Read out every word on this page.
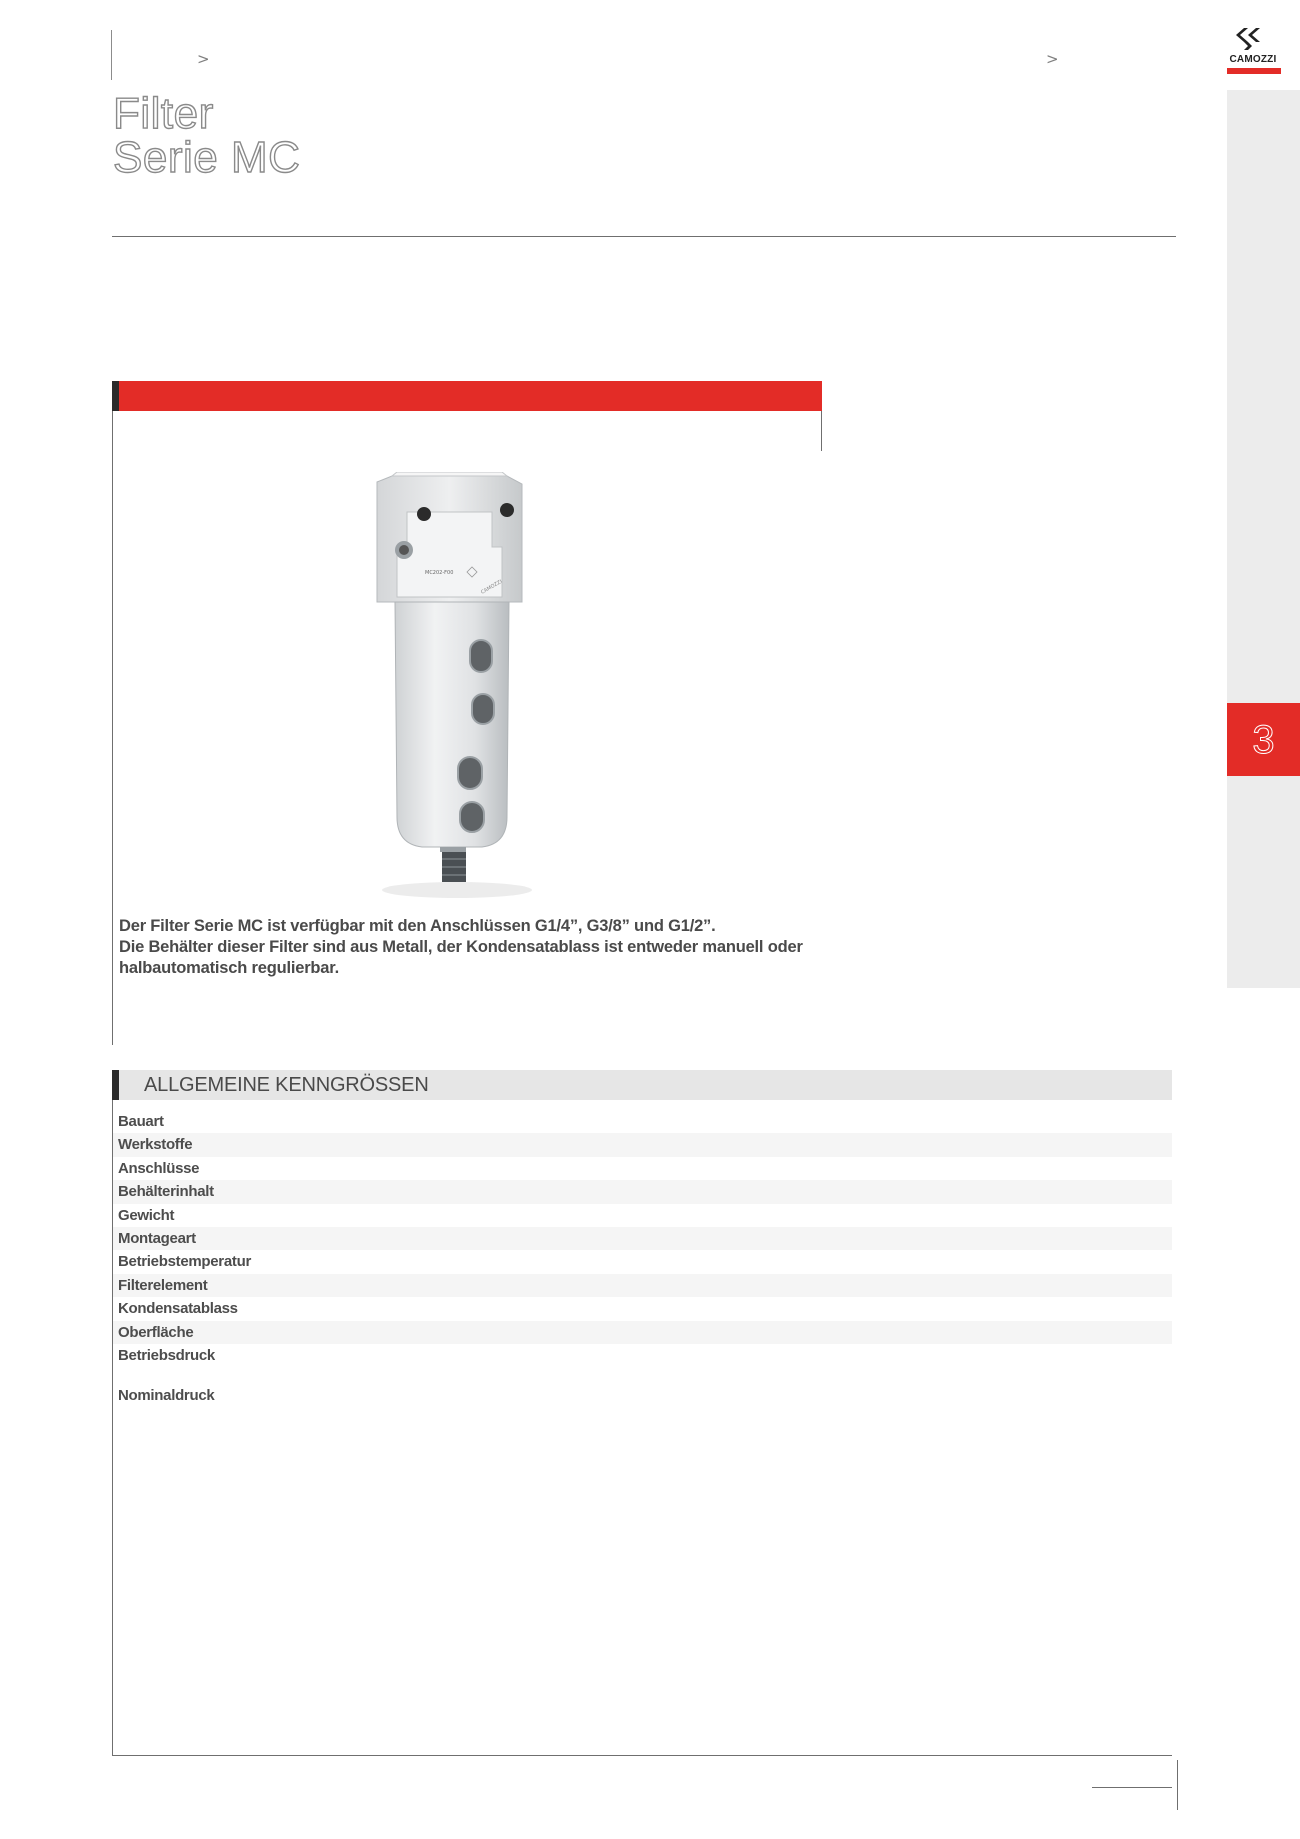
>	>	CAMOZZI
Filter
Serie MC
3
MC202-F00
CAMOZZI
Der Filter Serie MC ist verfügbar mit den Anschlüssen G1/4”, G3/8” und G1/2”.
Die Behälter dieser Filter sind aus Metall, der Kondensatablass ist entweder manuell oder halbautomatisch regulierbar.
ALLGEMEINE KENNGRÖSSEN
Bauart
Werkstoffe
Anschlüsse
Behälterinhalt
Gewicht
Montageart
Betriebstemperatur
Filterelement
Kondensatablass
Oberfläche
Betriebsdruck
Nominaldruck
